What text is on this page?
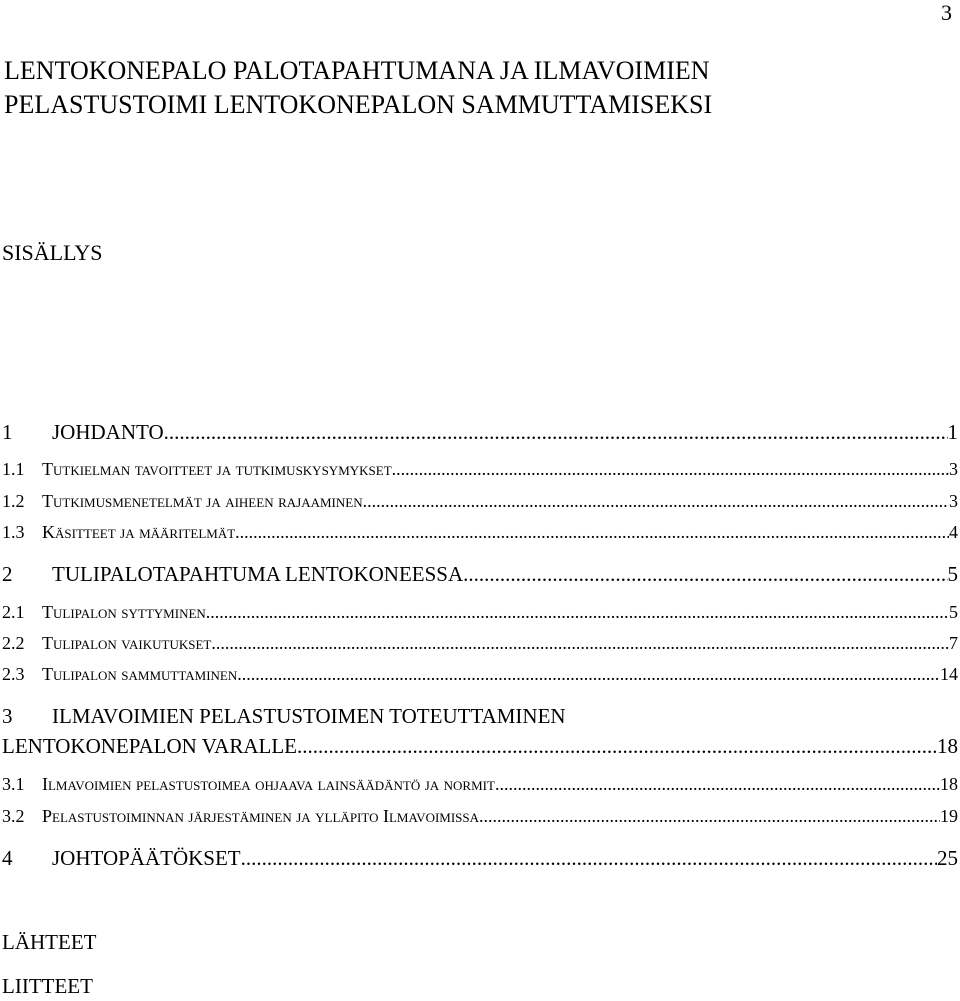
3
LENTOKONEPALO PALOTAPAHTUMANA JA ILMAVOIMIEN
PELASTUSTOIMI LENTOKONEPALON SAMMUTTAMISEKSI
SISÄLLYS
1 JOHDANTO .....	1
1.1 Tutkielman tavoitteet ja tutkimuskysymykset .....	3
1.2 Tutkimusmenetelmät ja aiheen rajaaminen .....	3
1.3 Käsitteet ja määritelmät .....	4
2 TULIPALOTAPAHTUMA LENTOKONEESSA .....	5
2.1 Tulipalon syttyminen .....	5
2.2 Tulipalon vaikutukset .....	7
2.3 Tulipalon sammuttaminen .....	14
3 ILMAVOIMIEN PELASTUSTOIMEN TOTEUTTAMINEN
LENTOKONEPALON VARALLE .....	18
3.1 Ilmavoimien pelastustoimea ohjaava lainsäädäntö ja normit .....	18
3.2 Pelastustoiminnan järjestäminen ja ylläpito Ilmavoimissa .....	19
4 JOHTOPÄÄTÖKSET .....	25
LÄHTEET
LIITTEET
